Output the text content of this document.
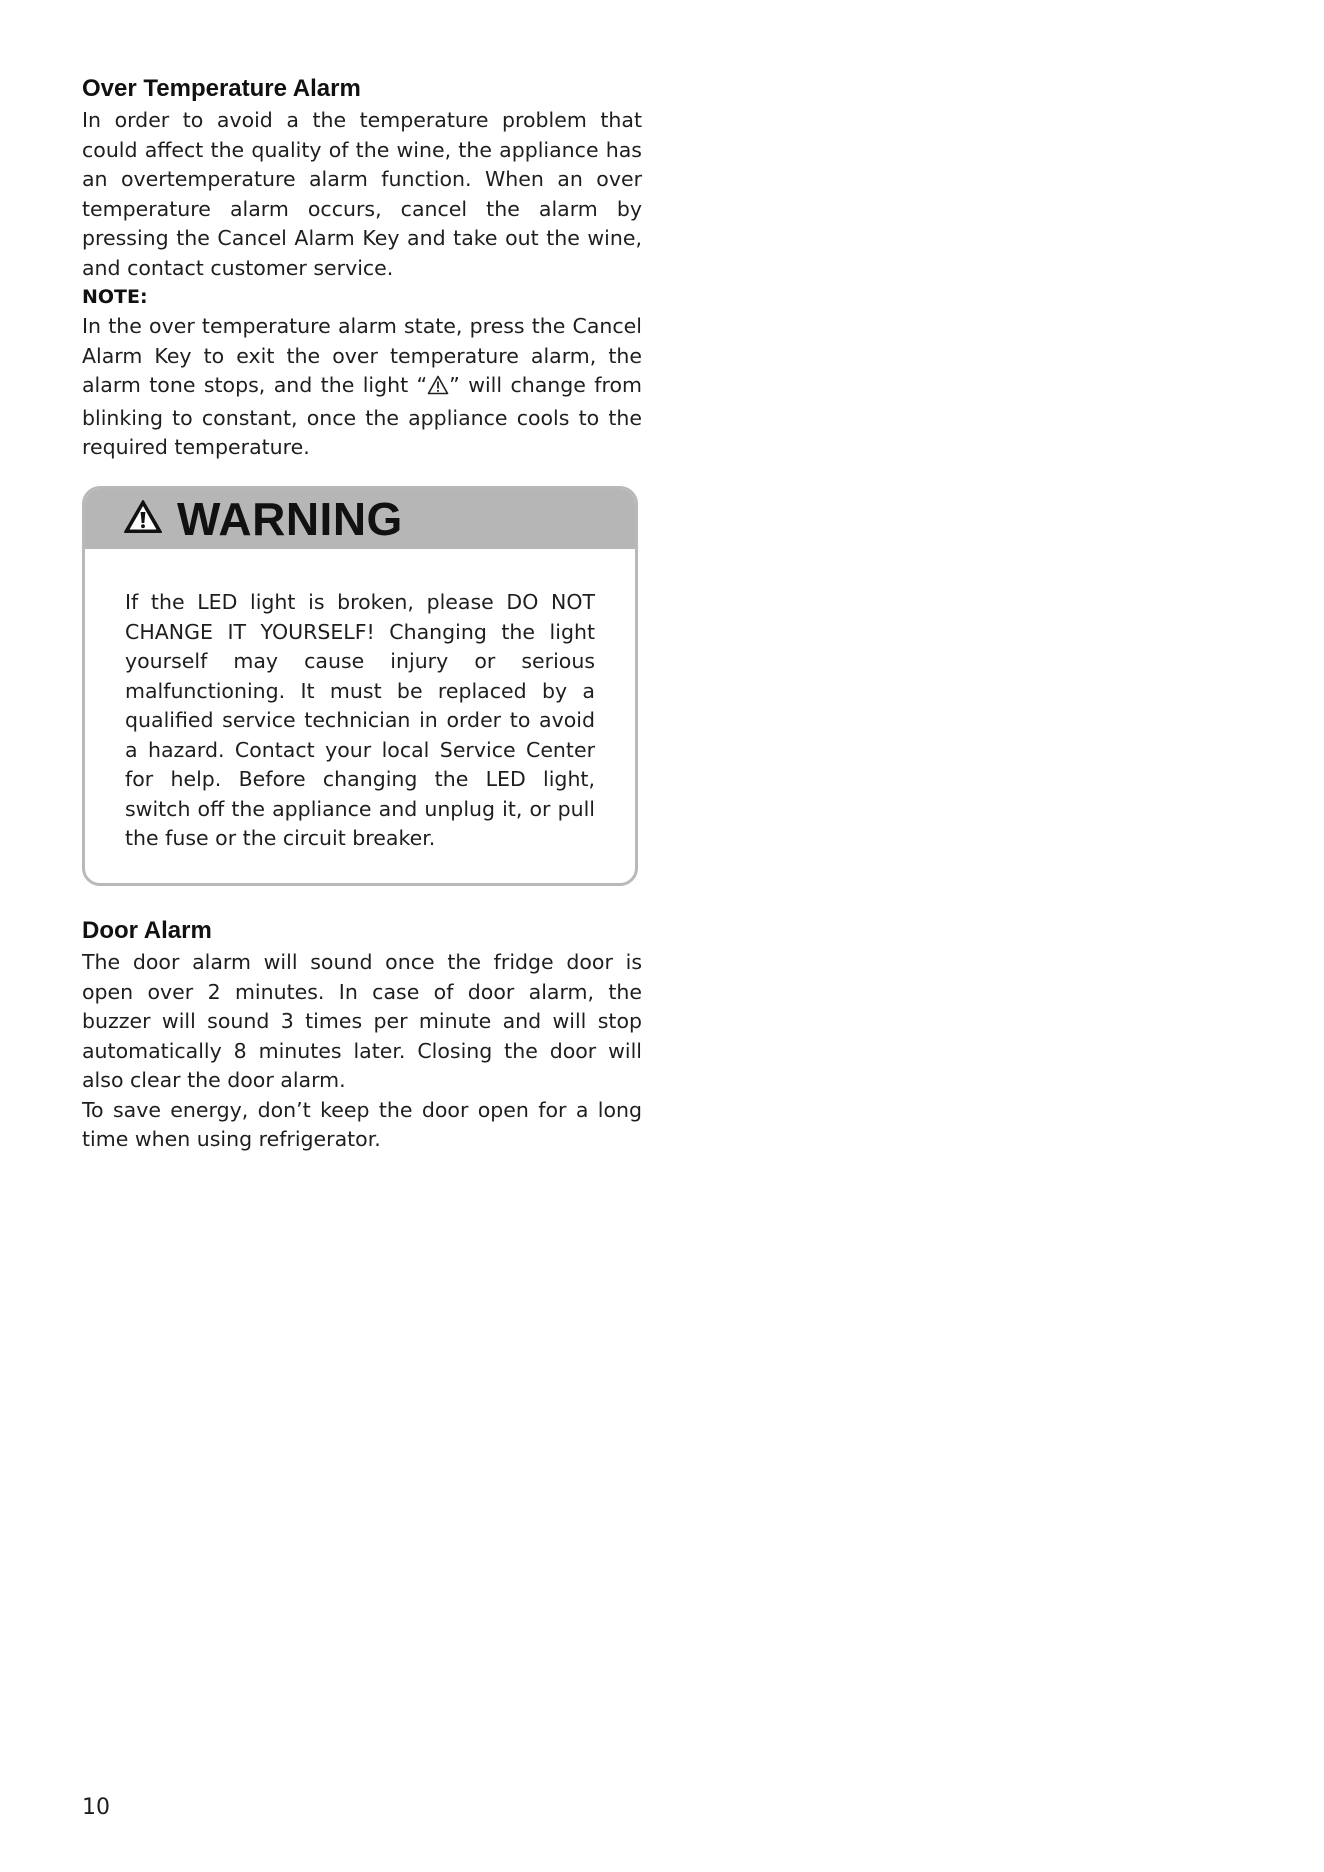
Over Temperature Alarm

In order to avoid a the temperature problem that could affect the quality of the wine, the appliance has an overtemperature alarm function. When an over temperature alarm occurs, cancel the alarm by pressing the Cancel Alarm Key and take out the wine, and contact customer service.

NOTE:

In the over temperature alarm state, press the Cancel Alarm Key to exit the over temperature alarm, the alarm tone stops, and the light “ ” will change from blinking to constant, once the appliance cools to the required temperature.

WARNING

If the LED light is broken, please DO NOT CHANGE IT YOURSELF! Changing the light yourself may cause injury or serious malfunctioning. It must be replaced by a qualified service technician in order to avoid a hazard. Contact your local Service Center for help. Before changing the LED light, switch off the appliance and unplug it, or pull the fuse or the circuit breaker.

Door Alarm

The door alarm will sound once the fridge door is open over 2 minutes. In case of door alarm, the buzzer will sound 3 times per minute and will stop automatically 8 minutes later. Closing the door will also clear the door alarm.

To save energy, don’t keep the door open for a long time when using refrigerator.

10
